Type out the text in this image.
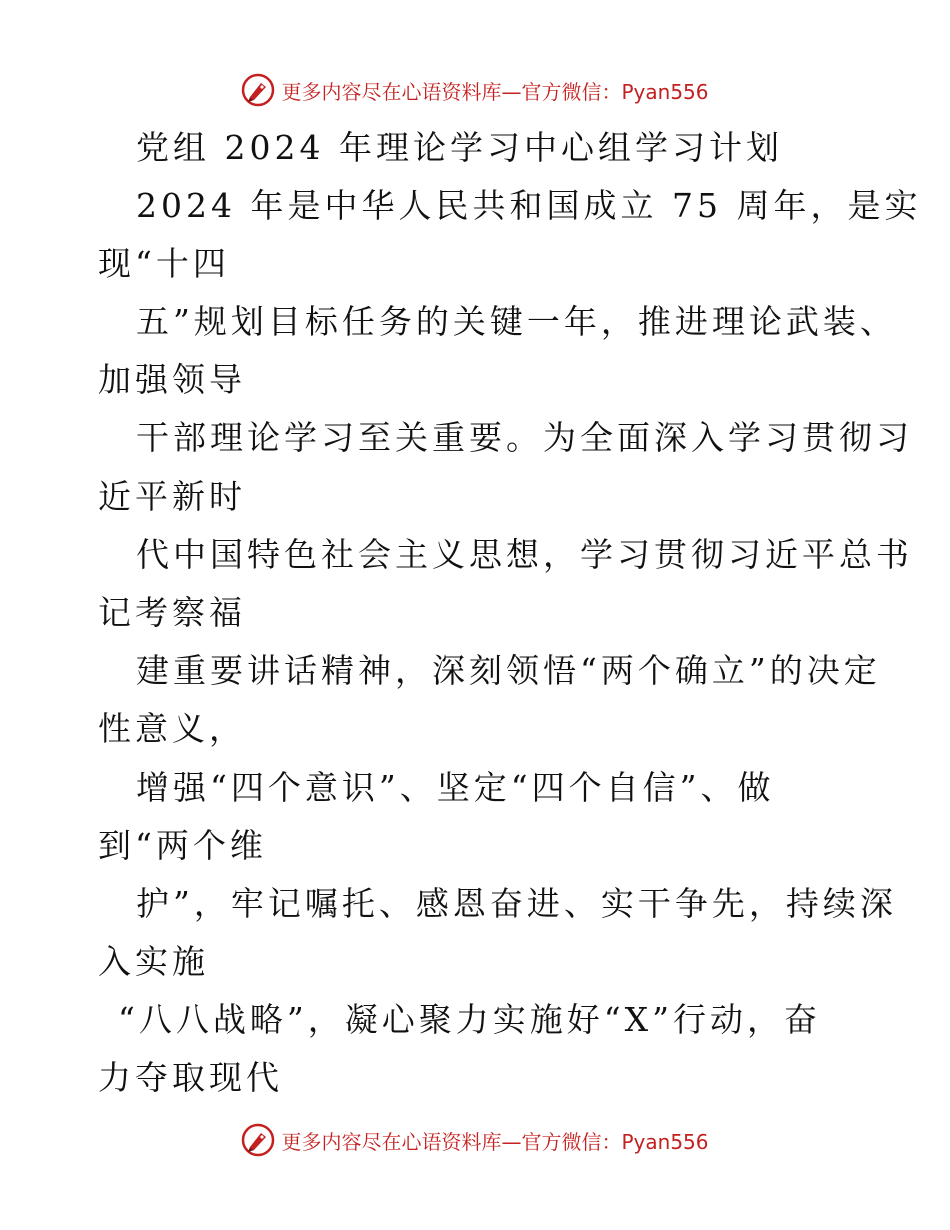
更多内容尽在心语资料库—官方微信：Pyan556
党组 2024 年理论学习中心组学习计划
2024 年是中华人民共和国成立 75 周年，是实
现“十四
五”规划目标任务的关键一年，推进理论武装、
加强领导
干部理论学习至关重要。为全面深入学习贯彻习
近平新时
代中国特色社会主义思想，学习贯彻习近平总书
记考察福
建重要讲话精神，深刻领悟“两个确立”的决定
性意义，
增强“四个意识”、坚定“四个自信”、做
到“两个维
护”，牢记嘱托、感恩奋进、实干争先，持续深
入实施
“八八战略”，凝心聚力实施好“X”行动，奋
力夺取现代
更多内容尽在心语资料库—官方微信：Pyan556
